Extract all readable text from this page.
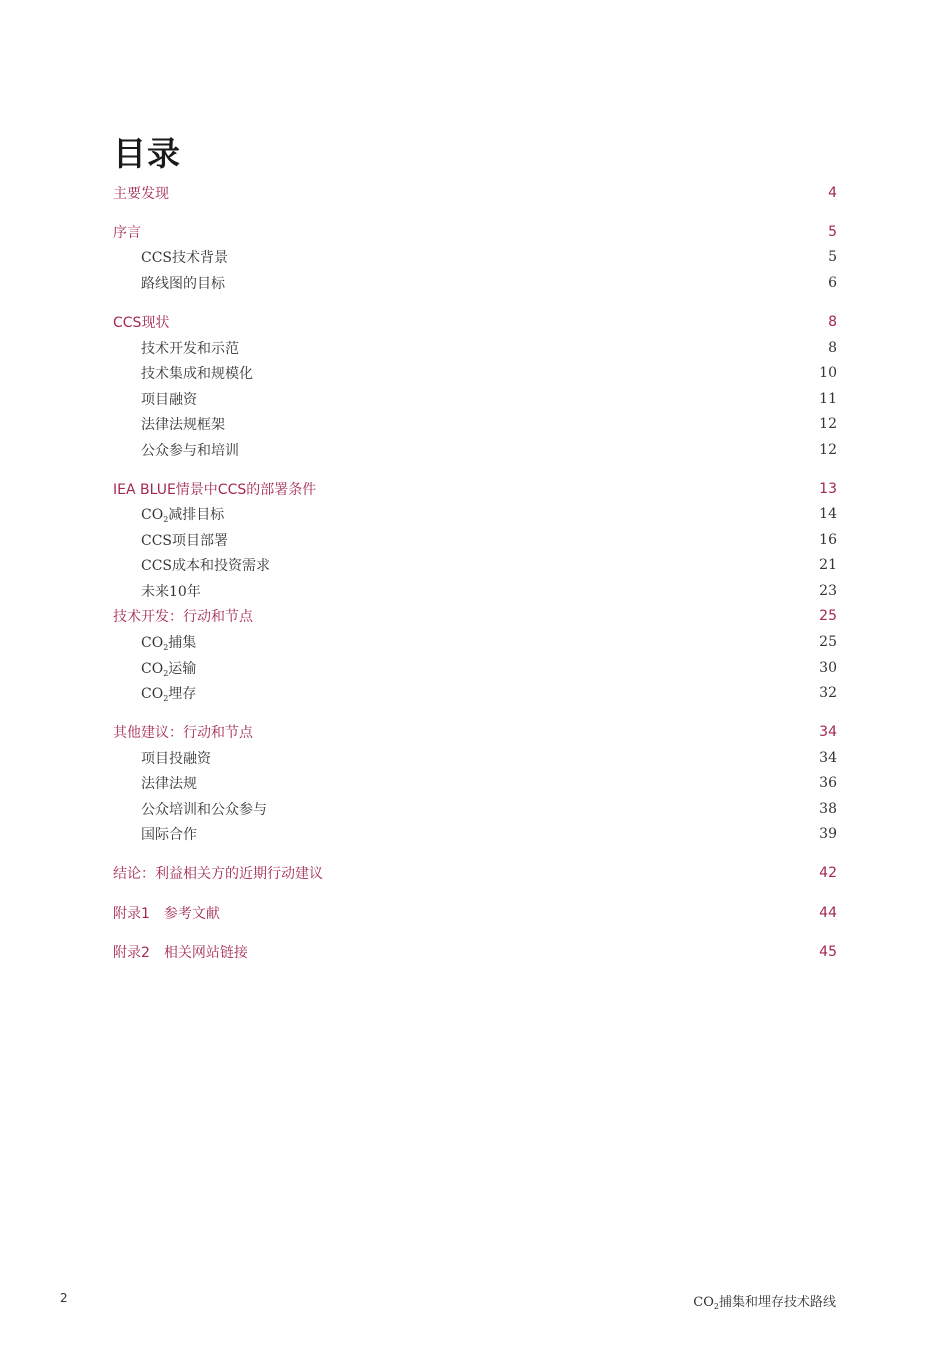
目录
主要发现	4
序言	5
CCS技术背景	5
路线图的目标	6
CCS现状	8
技术开发和示范	8
技术集成和规模化	10
项目融资	11
法律法规框架	12
公众参与和培训	12
IEA BLUE情景中CCS的部署条件	13
$CO_2$减排目标	14
CCS项目部署	16
CCS成本和投资需求	21
未来10年	23
技术开发：行动和节点	25
$CO_2$捕集	25
$CO_2$运输	30
$CO_2$埋存	32
其他建议：行动和节点	34
项目投融资	34
法律法规	36
公众培训和公众参与	38
国际合作	39
结论：利益相关方的近期行动建议	42
附录1　参考文献	44
附录2　相关网站链接	45
2	$CO_2$捕集和埋存技术路线
